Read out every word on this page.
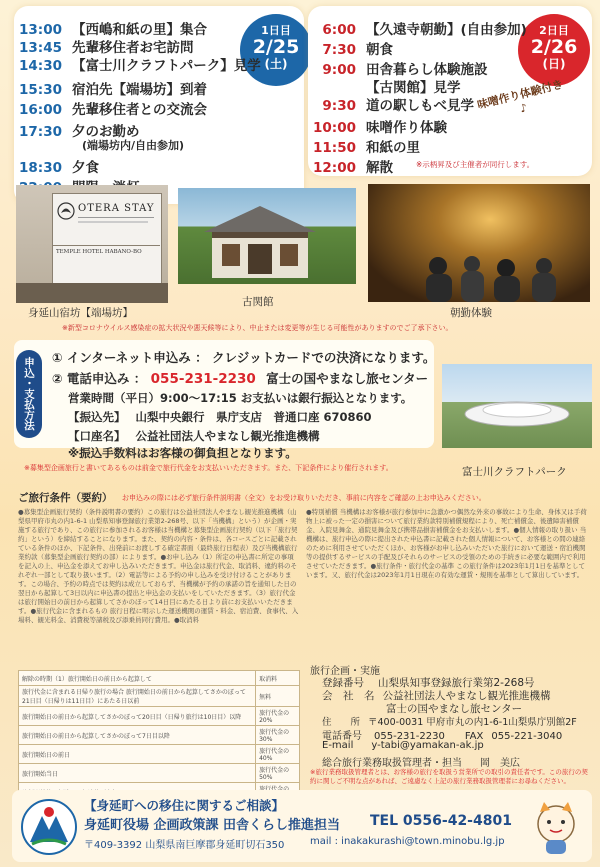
1日目
2/25
(土)
13:00 【西嶋和紙の里】集合
13:45 先輩移住者お宅訪問
14:30 【富士川クラフトパーク】見学
15:30 宿泊先【端場坊】到着
16:00 先輩移住者との交流会
17:30 夕のお勤め
(端場坊内/自由参加)
18:30 夕食
2日目
2/26
(日)
味噌作り体験付き♪
6:00 【久遠寺朝勤】(自由参加)
7:30 朝食
9:00 田舎暮らし体験施設
【古関館】見学
9:30 道の駅しもべ見学
10:00 味噌作り体験
11:50 和紙の里
12:00 解散	※示柄昇及び主催者が同行します。
OTERA STAY
TEMPLE HOTEL HABANO-BO
身延山宿坊【端場坊】
古関館
朝勤体験
※新型コロナウイルス感染症の拡大状況や悪天候等により、中止または変更等が生じる可能性がありますのでご了承下さい。
申込・支払方法	① インターネット申込み ： クレジットカードでの決済になります。
② 電話申込み ： 055-231-2230 富士の国やまなし旅センター
営業時間（平日）9:00～17:15 お支払いは銀行振込となります。
【振込先】 山梨中央銀行　県庁支店　普通口座 670860
【口座名】 公益社団法人やまなし観光推進機構
※振込手数料はお客様の御負担となります。
※募集型企画旅行と書いてあるものは前金で旅行代金をお支払いいただきます。また、下記条件により催行されます。	富士川クラフトパーク
ご旅行条件（要約） お申込みの際には必ず旅行条件説明書（全文）をお受け取りいただき、事前に内容をご確認の上お申込みください。
●募集型企画旅行契約（条件説明書の要約）この旅行は公益社団法人やまなし観光推進機構（山梨県甲府市丸の内1-6-1 山梨県知事登録旅行業第2-268号、以下「当機構」という）が企画・実施する旅行であり、この旅行に参加されるお客様は当機構と募集型企画旅行契約（以下「旅行契約」という）を締結することになります。また、契約の内容・条件は、各コースごとに記載されている条件のほか、下記条件、出発前にお渡しする確定書面（最終旅行日程表）及び当機構旅行業約款（募集型企画旅行契約の部）によります。●お申し込み（1）所定の申込書に所定の事項を記入の上、申込金を添えてお申し込みいただきます。申込金は旅行代金、取消料、違約料のそれぞれ一部として取り扱います。（2）電話等による予約の申し込みを受け付けることがあります。この場合、予約の時点では契約は成立しておらず、当機構が予約の承諾の旨を通知した日の翌日から起算して3日以内に申込書の提出と申込金の支払いをしていただきます。（3）旅行代金は旅行開始日の前日から起算してさかのぼって14日目にあたる日より前にお支払いいただきます。●旅行代金に含まれるもの 旅行日程に明示した運送機関の運賃・料金、宿泊費、食事代、入場料、観光料金、消費税等諸税及び添乗員同行費用。●取消料
●特別補償 当機構はお客様が旅行参加中に急激かつ偶然な外来の事故により生命、身体又は手荷物上に被った一定の損害について旅行業約款特別補償規程により、死亡補償金、後遺障害補償金、入院見舞金、通院見舞金及び携帯品損害補償金をお支払いします。●個人情報の取り扱い 当機構は、旅行申込の際に提出された申込書に記載された個人情報について、お客様との間の連絡のために利用させていただくほか、お客様がお申し込みいただいた旅行において運送・宿泊機関等の提供するサービスの手配及びそれらのサービスの受領のための手続きに必要な範囲内で利用させていただきます。●旅行条件・旅行代金の基準 この旅行条件は2023年1月1日を基準としています。又、旅行代金は2023年1月1日現在の有効な運賃・規則を基準として算出しています。
解除の時期（1）旅行開始日の前日から起算して	取消料
旅行代金に含まれる日帰り旅行の場合 旅行開始日の前日から起算してさかのぼって21日目（日帰りは11日目）にあたる日以前	無料
旅行開始日の前日から起算してさかのぼって20日目（日帰り旅行は10日目）以降	旅行代金の20%
旅行開始日の前日から起算してさかのぼって7日目以降	旅行代金の30%
旅行開始日の前日	旅行代金の40%
旅行開始当日	旅行代金の50%

旅行企画・実施
登録番号 山梨県知事登録旅行業第2-268号
会　社　名 公益社団法人やまなし観光推進機構
富士の国やまなし旅センター
住　　所 〒400-0031 甲府市丸の内1-6-1山梨県庁別館2F
電話番号 055-231-2230 FAX 055-221-3040
E-mail y-tabi@yamakan-ak.jp
総合旅行業務取扱管理者・担当 岡　美広
※旅行業務取扱管理者とは、お客様の旅行を取扱う営業所での取引の責任者です。この旅行の契約に関しご不明な点があれば、ご遠慮なく上記の旅行業務取扱管理者にお尋ねください。
【身延町への移住に関するご相談】
身延町役場 企画政策課 田舎くらし推進担当 TEL 0556-42-4801
〒409-3392 山梨県南巨摩郡身延町切石350	mail : inakakurashi@town.minobu.lg.jp
